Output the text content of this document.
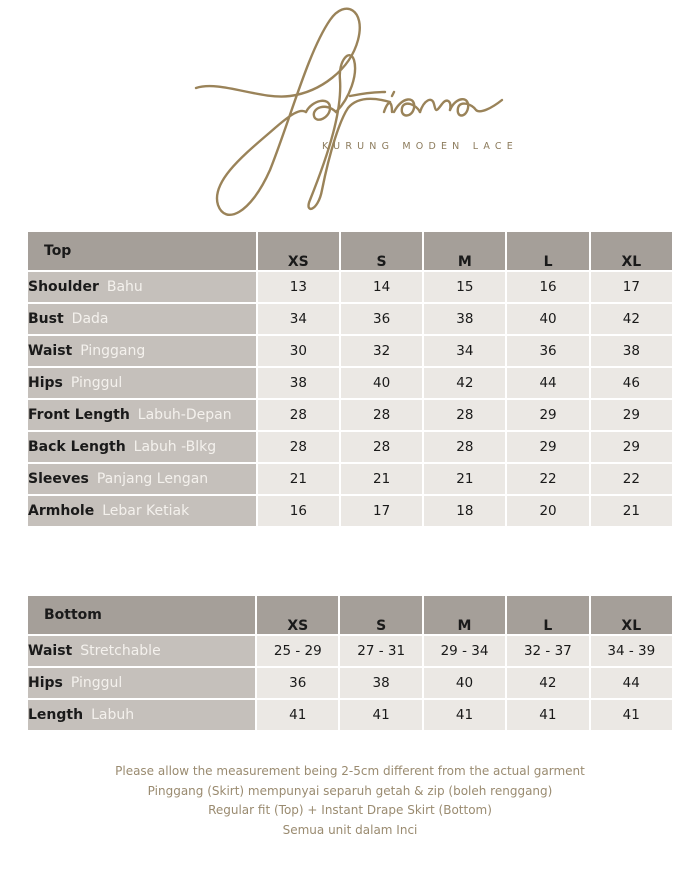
KURUNG MODEN LACE
Top	XS	S	M	L	XL
Shoulder Bahu	13	14	15	16	17
Bust Dada	34	36	38	40	42
Waist Pinggang	30	32	34	36	38
Hips Pinggul	38	40	42	44	46
Front Length Labuh-Depan	28	28	28	29	29
Back Length Labuh -Blkg	28	28	28	29	29
Sleeves Panjang Lengan	21	21	21	22	22
Armhole Lebar Ketiak	16	17	18	20	21
Bottom	XS	S	M	L	XL
Waist Stretchable	25 - 29	27 - 31	29 - 34	32 - 37	34 - 39
Hips Pinggul	36	38	40	42	44
Length Labuh	41	41	41	41	41
Please allow the measurement being 2-5cm different from the actual garment
Pinggang (Skirt) mempunyai separuh getah & zip (boleh renggang)
Regular fit (Top) + Instant Drape Skirt (Bottom)
Semua unit dalam Inci
